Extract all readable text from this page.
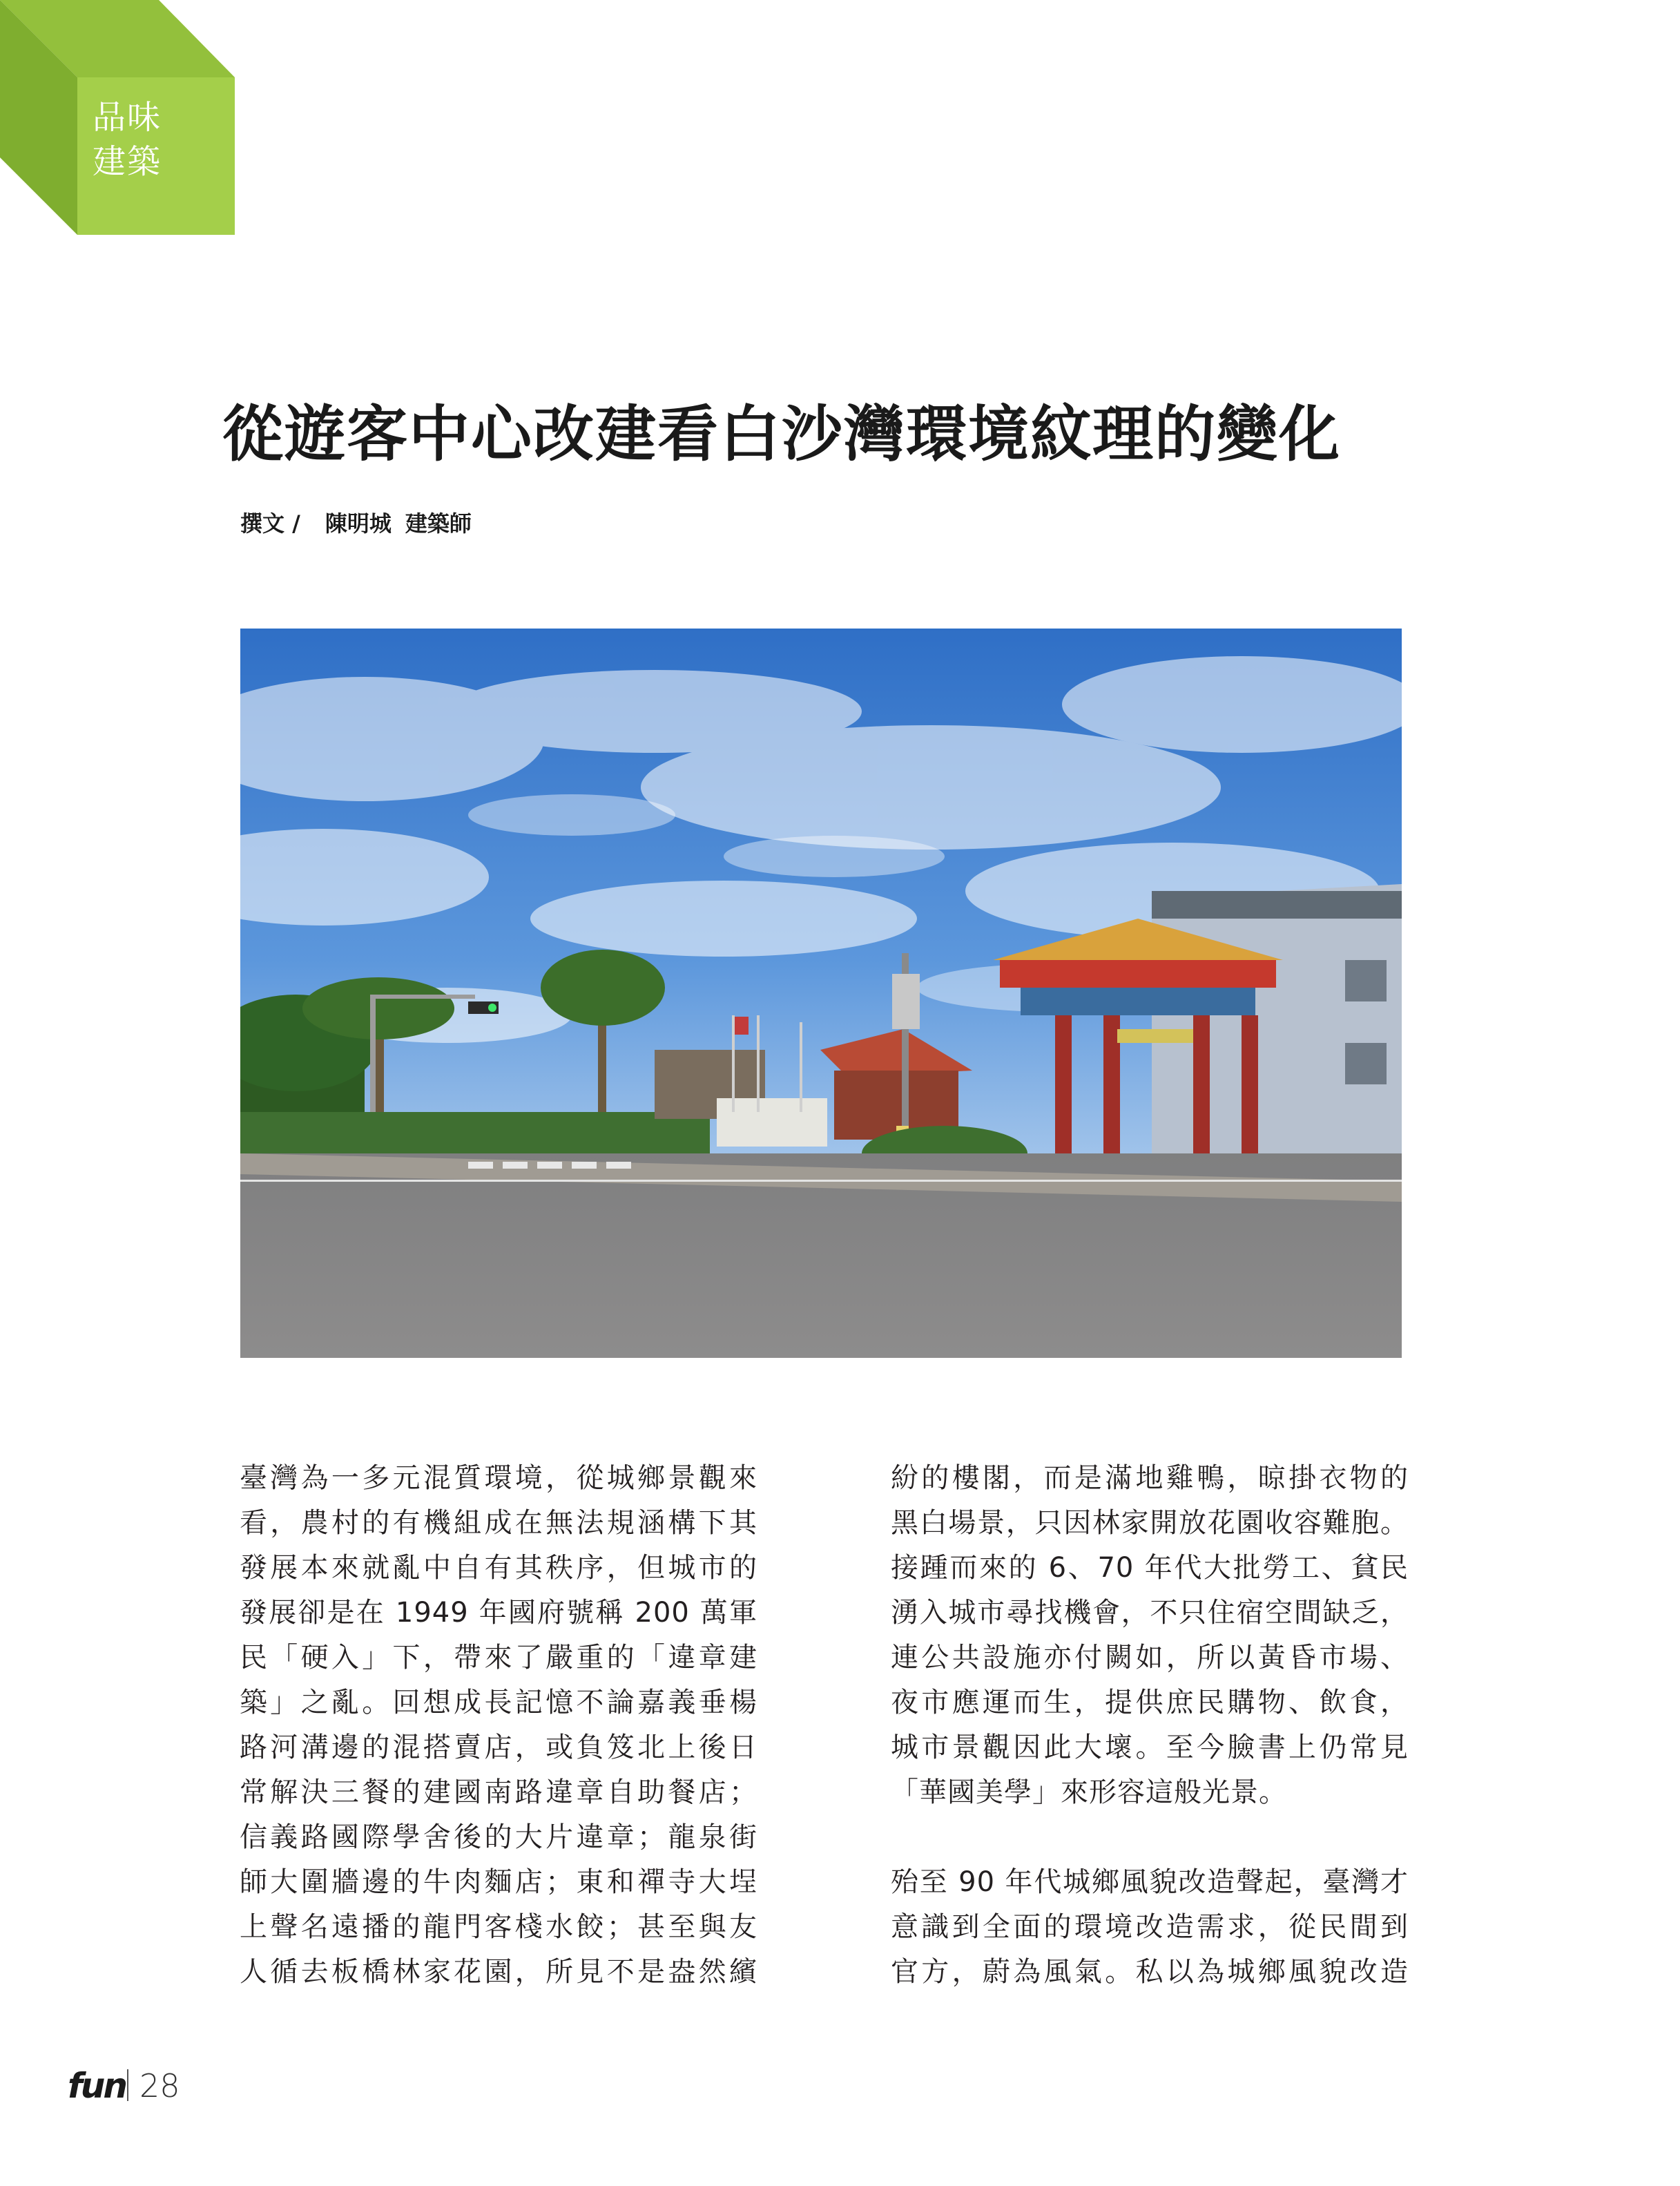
品味
建築
從遊客中心改建看白沙灣環境紋理的變化
撰文 / 陳明城 建築師
臺灣為一多元混質環境，從城鄉景觀來
看，農村的有機組成在無法規涵構下其
發展本來就亂中自有其秩序，但城市的
發展卻是在 1949 年國府號稱 200 萬軍
民「硬入」下，帶來了嚴重的「違章建
築」之亂。回想成長記憶不論嘉義垂楊
路河溝邊的混搭賣店，或負笈北上後日
常解決三餐的建國南路違章自助餐店；
信義路國際學舍後的大片違章；龍泉街
師大圍牆邊的牛肉麵店；東和禪寺大埕
上聲名遠播的龍門客棧水餃；甚至與友
人循去板橋林家花園，所見不是盎然繽
紛的樓閣，而是滿地雞鴨，晾掛衣物的
黑白場景，只因林家開放花園收容難胞。
接踵而來的 6、70 年代大批勞工、貧民
湧入城市尋找機會，不只住宿空間缺乏，
連公共設施亦付闕如，所以黃昏市場、
夜市應運而生，提供庶民購物、飲食，
城市景觀因此大壞。至今臉書上仍常見
「華國美學」來形容這般光景。
殆至 90 年代城鄉風貌改造聲起，臺灣才
意識到全面的環境改造需求，從民間到
官方，蔚為風氣。私以為城鄉風貌改造
fun 28
